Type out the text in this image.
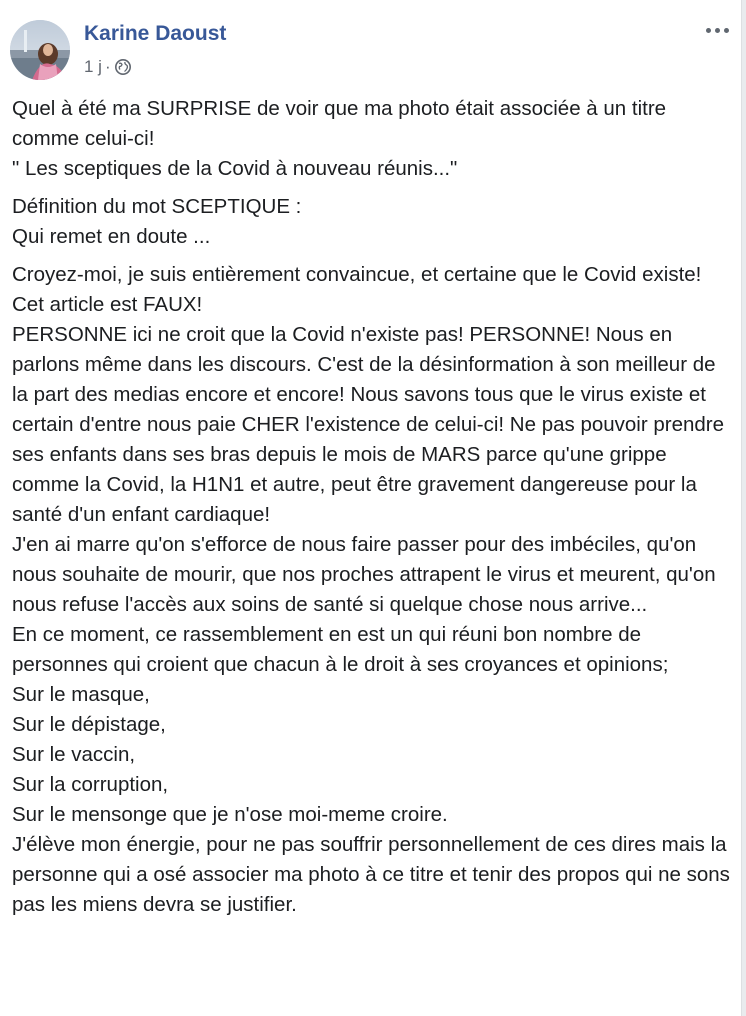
Karine Daoust
1 j ·

Quel à été ma SURPRISE de voir que ma photo était associée à un titre comme celui-ci!
" Les sceptiques de la Covid à nouveau réunis..."

Définition du mot SCEPTIQUE :
Qui remet en doute ...

Croyez-moi, je suis entièrement convaincue, et certaine que le Covid existe!
Cet article est FAUX!
PERSONNE ici ne croit que la Covid n'existe pas! PERSONNE! Nous en parlons même dans les discours. C'est de la désinformation à son meilleur de la part des medias encore et encore! Nous savons tous que le virus existe et certain d'entre nous paie CHER l'existence de celui-ci! Ne pas pouvoir prendre ses enfants dans ses bras depuis le mois de MARS parce qu'une grippe comme la Covid, la H1N1 et autre, peut être gravement dangereuse pour la santé d'un enfant cardiaque!
J'en ai marre qu'on s'efforce de nous faire passer pour des imbéciles, qu'on nous souhaite de mourir, que nos proches attrapent le virus et meurent, qu'on nous refuse l'accès aux soins de santé si quelque chose nous arrive...
En ce moment, ce rassemblement en est un qui réuni bon nombre de personnes qui croient que chacun à le droit à ses croyances et opinions;
Sur le masque,
Sur le dépistage,
Sur le vaccin,
Sur la corruption,
Sur le mensonge que je n'ose moi-meme croire.
J'élève mon énergie, pour ne pas souffrir personnellement de ces dires mais la personne qui a osé associer ma photo à ce titre et tenir des propos qui ne sons pas les miens devra se justifier.
